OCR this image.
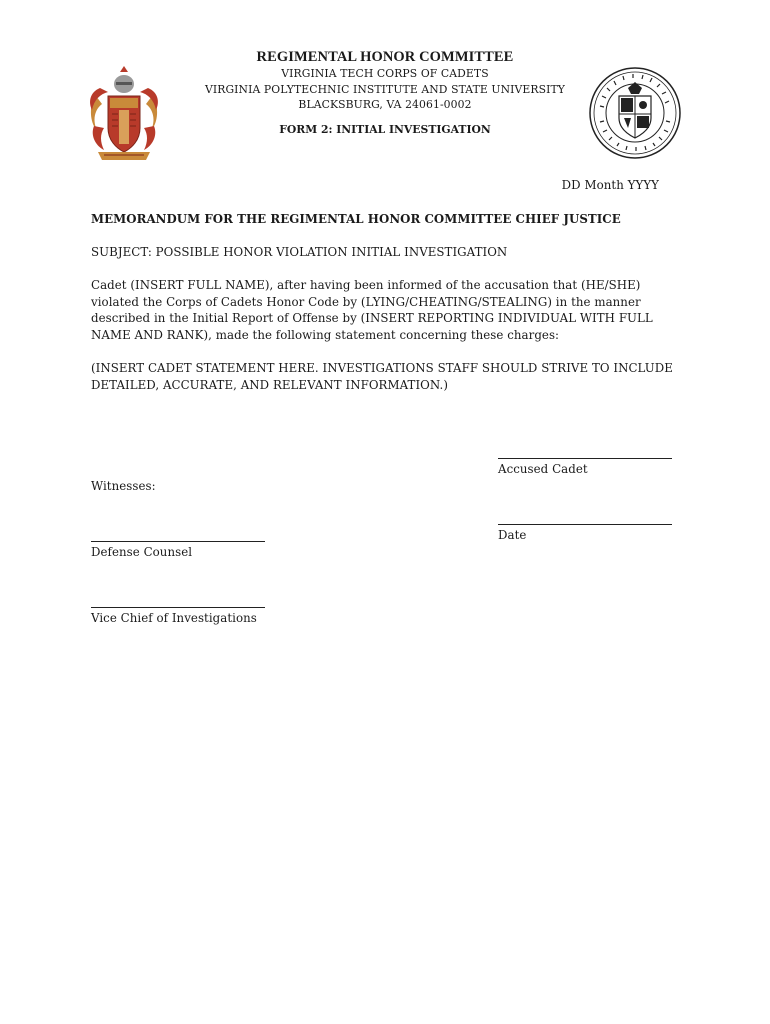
REGIMENTAL HONOR COMMITTEE
VIRGINIA TECH CORPS OF CADETS
VIRGINIA POLYTECHNIC INSTITUTE AND STATE UNIVERSITY
BLACKSBURG, VA 24061-0002
FORM 2: INITIAL INVESTIGATION
DD Month YYYY
MEMORANDUM FOR THE REGIMENTAL HONOR COMMITTEE CHIEF JUSTICE
SUBJECT: POSSIBLE HONOR VIOLATION INITIAL INVESTIGATION
Cadet (INSERT FULL NAME), after having been informed of the accusation that (HE/SHE) violated the Corps of Cadets Honor Code by (LYING/CHEATING/STEALING) in the manner described in the Initial Report of Offense by (INSERT REPORTING INDIVIDUAL WITH FULL NAME AND RANK), made the following statement concerning these charges:
(INSERT CADET STATEMENT HERE. INVESTIGATIONS STAFF SHOULD STRIVE TO INCLUDE DETAILED, ACCURATE, AND RELEVANT INFORMATION.)
Accused Cadet
Witnesses:
Date
Defense Counsel
Vice Chief of Investigations
